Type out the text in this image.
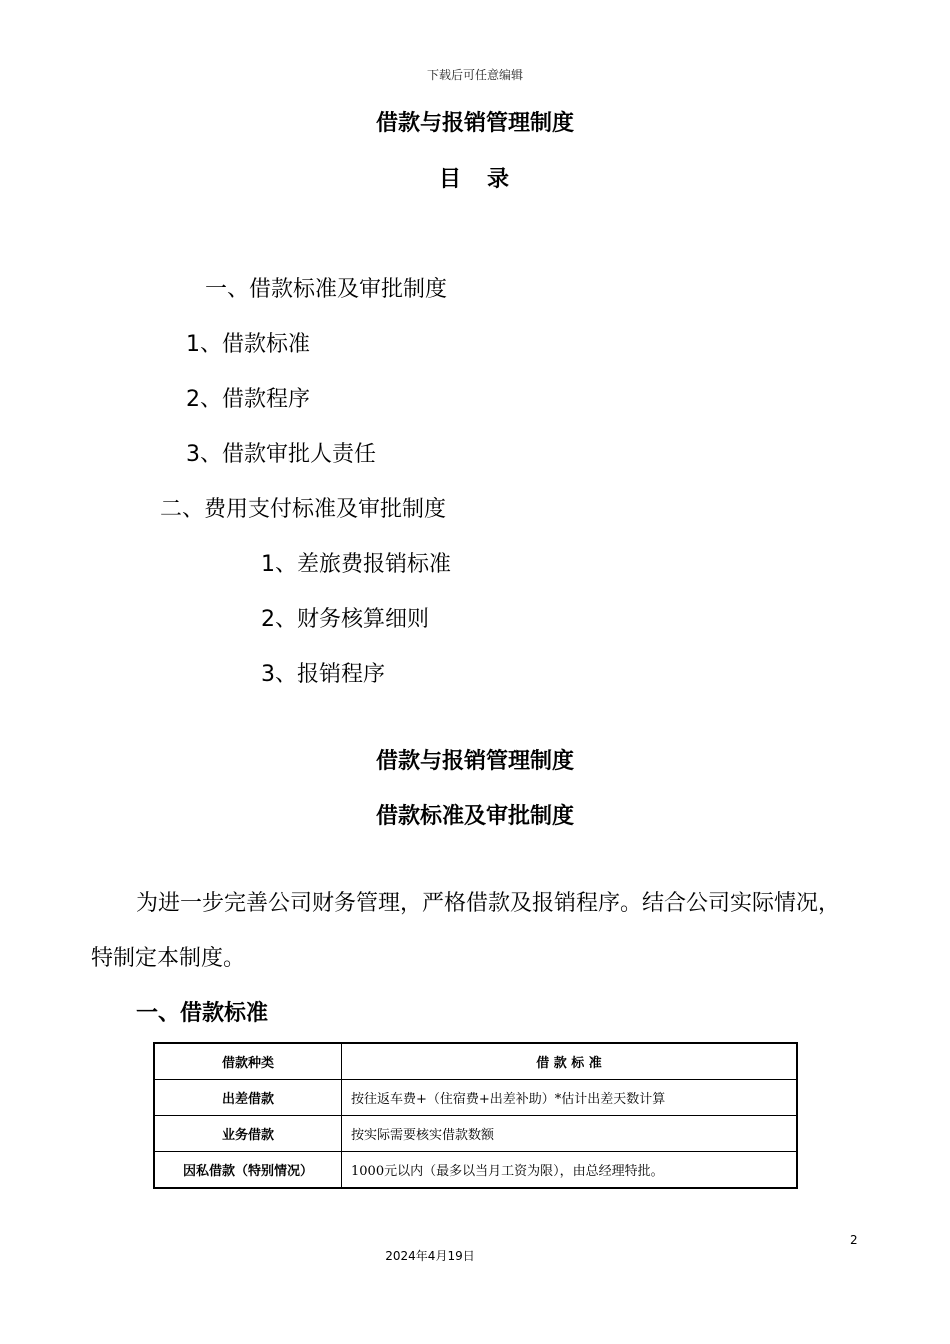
下载后可任意编辑
借款与报销管理制度
目　录
一、借款标准及审批制度
1、借款标准
2、借款程序
3、借款审批人责任
二、费用支付标准及审批制度
1、差旅费报销标准
2、财务核算细则
3、报销程序
借款与报销管理制度
借款标准及审批制度
为进一步完善公司财务管理，严格借款及报销程序。结合公司实际情况，
特制定本制度。
一、借款标准
借款种类	借 款 标 准
出差借款	按往返车费+（住宿费+出差补助）*估计出差天数计算
业务借款	按实际需要核实借款数额
因私借款（特别情况）	1000元以内（最多以当月工资为限），由总经理特批。
2
2024年4月19日
